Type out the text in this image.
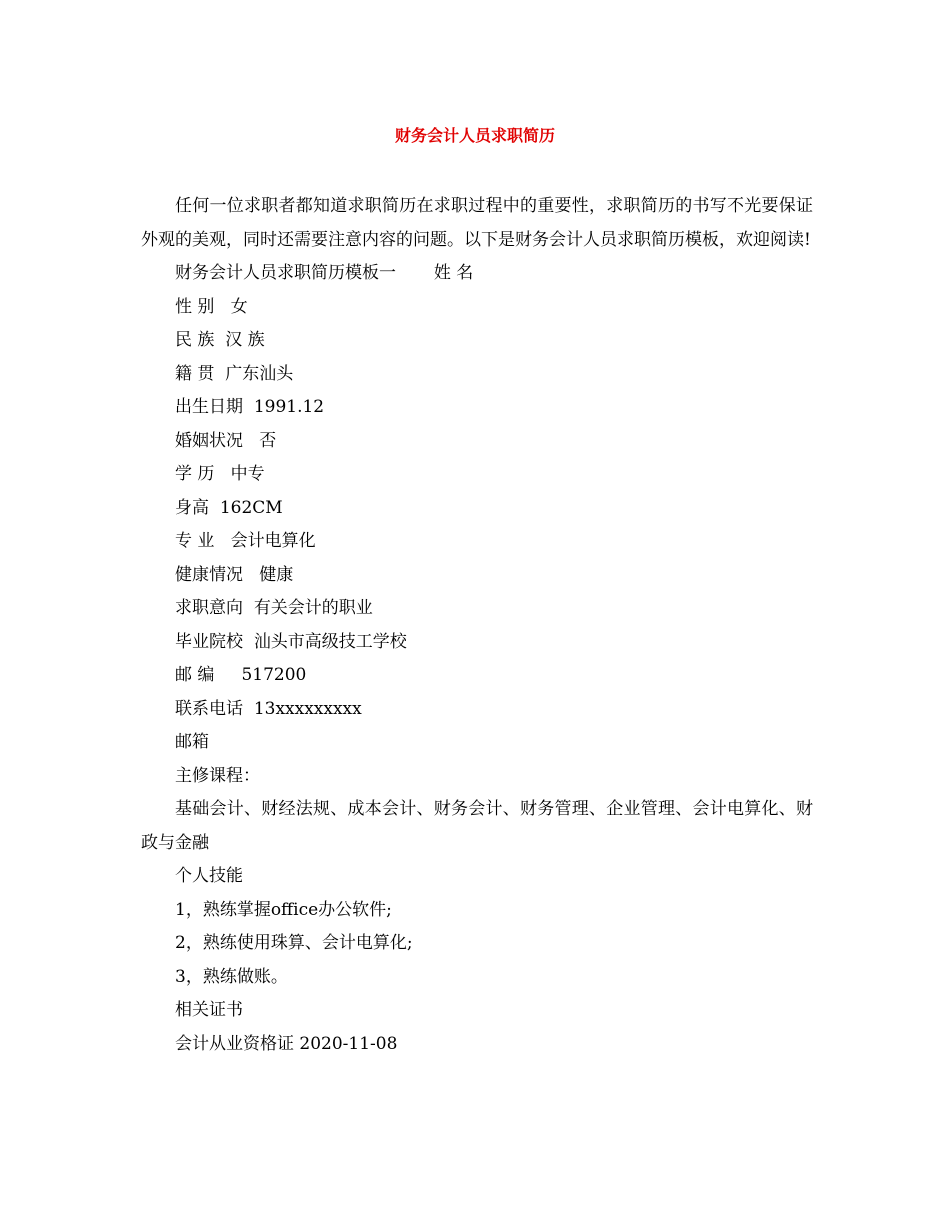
财务会计人员求职简历

任何一位求职者都知道求职简历在求职过程中的重要性，求职简历的书写不光要保证外观的美观，同时还需要注意内容的问题。以下是财务会计人员求职简历模板，欢迎阅读!

财务会计人员求职简历模板一 姓 名
性 别 女
民 族 汉 族
籍 贯 广东汕头
出生日期 1991.12
婚姻状况 否
学 历 中专
身高 162CM
专 业 会计电算化
健康情况 健康
求职意向 有关会计的职业
毕业院校 汕头市高级技工学校
邮 编 517200
联系电话 13xxxxxxxxx
邮箱
主修课程：

基础会计、财经法规、成本会计、财务会计、财务管理、企业管理、会计电算化、财政与金融

个人技能
1，熟练掌握office办公软件;
2，熟练使用珠算、会计电算化;
3，熟练做账。
相关证书
会计从业资格证 2020-11-08
